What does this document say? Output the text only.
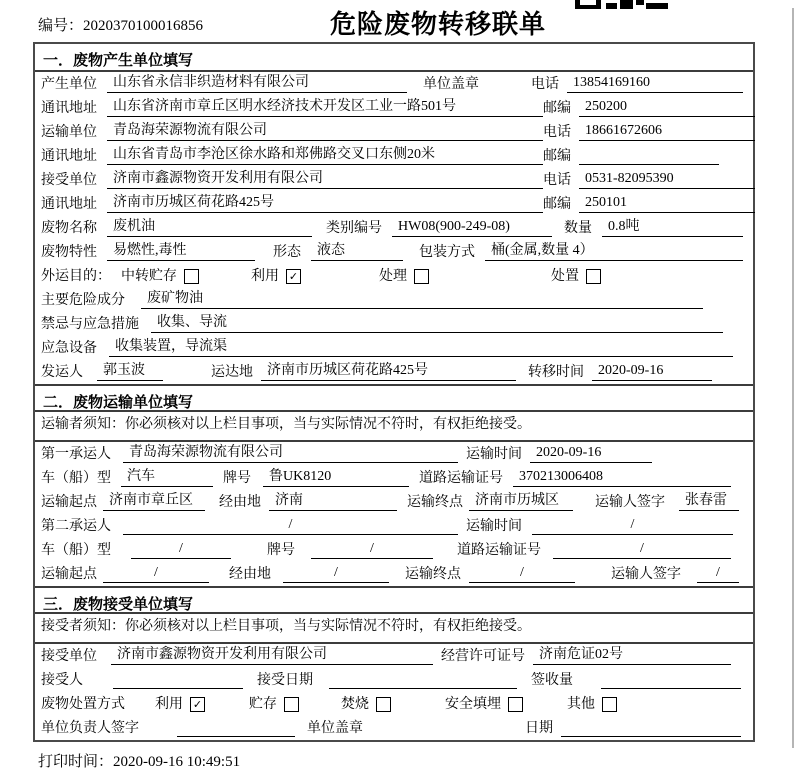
编号：2020370100016856	危险废物转移联单
一．废物产生单位填写
产生单位	山东省永信非织造材料有限公司	单位盖章	电话	13854169160
通讯地址	山东省济南市章丘区明水经济技术开发区工业一路501号	邮编	250200
运输单位	青岛海荣源物流有限公司	电话	18661672606
通讯地址	山东省青岛市李沧区徐水路和郑佛路交叉口东侧20米	邮编
接受单位	济南市鑫源物资开发利用有限公司	电话	0531-82095390
通讯地址	济南市历城区荷花路425号	邮编	250101
废物名称	废机油	类别编号	HW08(900-249-08)	数量	0.8吨
废物特性	易燃性,毒性	形态	液态	包装方式	桶(金属,数量 4）
外运目的： 中转贮存	利用 ✓	处理	处置
主要危险成分	废矿物油
禁忌与应急措施	收集、导流
应急设备	收集装置，导流渠
发运人	郭玉波	运达地	济南市历城区荷花路425号	转移时间	2020-09-16
二．废物运输单位填写
运输者须知：你必须核对以上栏目事项，当与实际情况不符时，有权拒绝接受。
第一承运人	青岛海荣源物流有限公司	运输时间	2020-09-16
车（船）型	汽车	牌号	鲁UK8120	道路运输证号	370213006408
运输起点 济南市章丘区	经由地	济南	运输终点 济南市历城区	运输人签字	张春雷
第二承运人	/	运输时间	/
车（船）型	/	牌号	/	道路运输证号	/
运输起点	/	经由地	/	运输终点	/	运输人签字	/
三．废物接受单位填写
接受者须知：你必须核对以上栏目事项，当与实际情况不符时，有权拒绝接受。
接受单位	济南市鑫源物资开发利用有限公司	经营许可证号	济南危证02号
接受人	接受日期	签收量
废物处置方式 利用 ✓	贮存	焚烧	安全填埋	其他
单位负责人签字	单位盖章	日期
打印时间：2020-09-16 10:49:51
